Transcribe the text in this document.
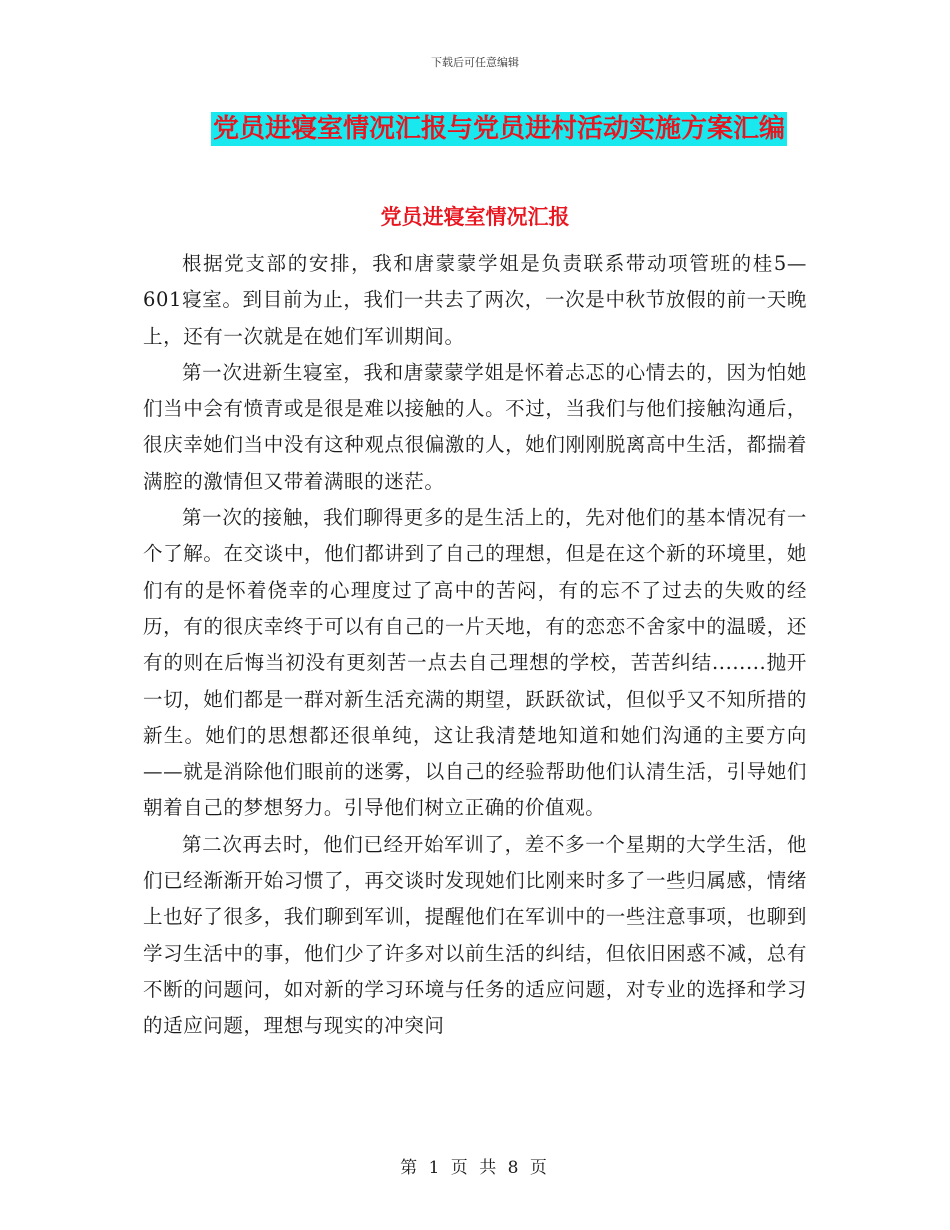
下载后可任意编辑
党员进寝室情况汇报与党员进村活动实施方案汇编
党员进寝室情况汇报

根据党支部的安排，我和唐蒙蒙学姐是负责联系带动项管班的桂5—601寝室。到目前为止，我们一共去了两次，一次是中秋节放假的前一天晚上，还有一次就是在她们军训期间。

第一次进新生寝室，我和唐蒙蒙学姐是怀着忐忑的心情去的，因为怕她们当中会有愤青或是很是难以接触的人。不过，当我们与他们接触沟通后，很庆幸她们当中没有这种观点很偏激的人，她们刚刚脱离高中生活，都揣着满腔的激情但又带着满眼的迷茫。

第一次的接触，我们聊得更多的是生活上的，先对他们的基本情况有一个了解。在交谈中，他们都讲到了自己的理想，但是在这个新的环境里，她们有的是怀着侥幸的心理度过了高中的苦闷，有的忘不了过去的失败的经历，有的很庆幸终于可以有自己的一片天地，有的恋恋不舍家中的温暖，还有的则在后悔当初没有更刻苦一点去自己理想的学校，苦苦纠结........抛开一切，她们都是一群对新生活充满的期望，跃跃欲试，但似乎又不知所措的新生。她们的思想都还很单纯，这让我清楚地知道和她们沟通的主要方向——就是消除他们眼前的迷雾，以自己的经验帮助他们认清生活，引导她们朝着自己的梦想努力。引导他们树立正确的价值观。

第二次再去时，他们已经开始军训了，差不多一个星期的大学生活，他们已经渐渐开始习惯了，再交谈时发现她们比刚来时多了一些归属感，情绪上也好了很多，我们聊到军训，提醒他们在军训中的一些注意事项，也聊到学习生活中的事，他们少了许多对以前生活的纠结，但依旧困惑不减，总有不断的问题问，如对新的学习环境与任务的适应问题，对专业的选择和学习的适应问题，理想与现实的冲突问

第 1 页 共 8 页
